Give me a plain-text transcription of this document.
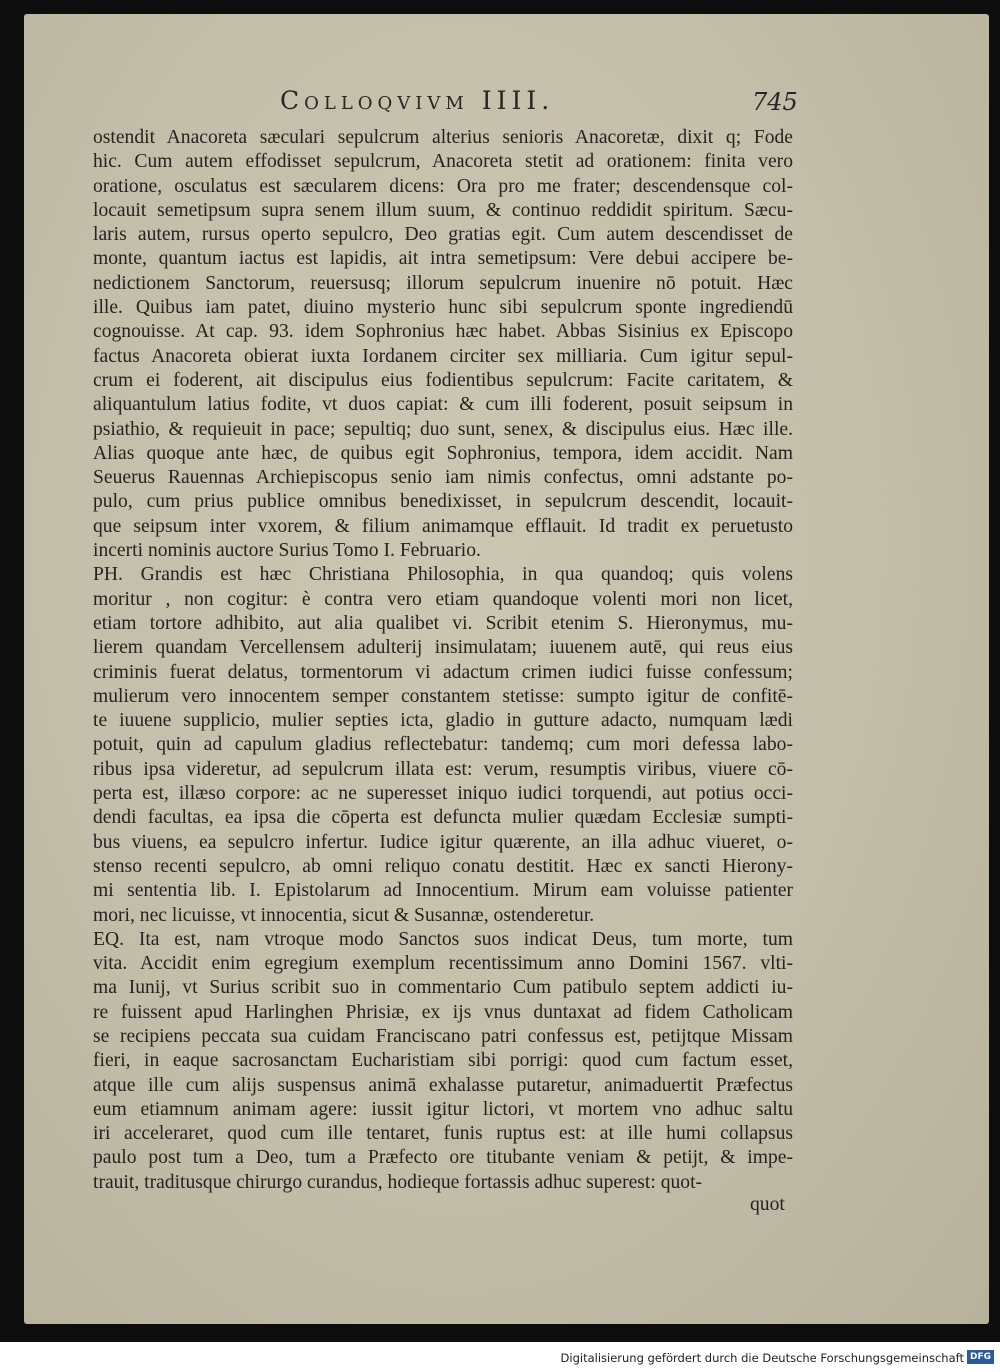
Colloqvivm IIII.	745
ostendit Anacoreta sæculari sepulcrum alterius senioris Anacoretæ, dixit q; Fode
hic. Cum autem effodisset sepulcrum, Anacoreta stetit ad orationem: finita vero
oratione, osculatus est sæcularem dicens: Ora pro me frater; descendensque col-
locauit semetipsum supra senem illum suum, & continuo reddidit spiritum. Sæcu-
laris autem, rursus operto sepulcro, Deo gratias egit. Cum autem descendisset de
monte, quantum iactus est lapidis, ait intra semetipsum: Vere debui accipere be-
nedictionem Sanctorum, reuersusq; illorum sepulcrum inuenire nō potuit. Hæc
ille. Quibus iam patet, diuino mysterio hunc sibi sepulcrum sponte ingrediendū
cognouisse. At cap. 93. idem Sophronius hæc habet. Abbas Sisinius ex Episcopo
factus Anacoreta obierat iuxta Iordanem circiter sex milliaria. Cum igitur sepul-
crum ei foderent, ait discipulus eius fodientibus sepulcrum: Facite caritatem, &
aliquantulum latius fodite, vt duos capiat: & cum illi foderent, posuit seipsum in
psiathio, & requieuit in pace; sepultiq; duo sunt, senex, & discipulus eius. Hæc ille.
Alias quoque ante hæc, de quibus egit Sophronius, tempora, idem accidit. Nam
Seuerus Rauennas Archiepiscopus senio iam nimis confectus, omni adstante po-
pulo, cum prius publice omnibus benedixisset, in sepulcrum descendit, locauit-
que seipsum inter vxorem, & filium animamque efflauit. Id tradit ex peruetusto
incerti nominis auctore Surius Tomo I. Februario.
PH. Grandis est hæc Christiana Philosophia, in qua quandoq; quis volens
moritur , non cogitur: è contra vero etiam quandoque volenti mori non licet,
etiam tortore adhibito, aut alia qualibet vi. Scribit etenim S. Hieronymus, mu-
lierem quandam Vercellensem adulterij insimulatam; iuuenem autē, qui reus eius
criminis fuerat delatus, tormentorum vi adactum crimen iudici fuisse confessum;
mulierum vero innocentem semper constantem stetisse: sumpto igitur de confitē-
te iuuene supplicio, mulier septies icta, gladio in gutture adacto, numquam lædi
potuit, quin ad capulum gladius reflectebatur: tandemq; cum mori defessa labo-
ribus ipsa videretur, ad sepulcrum illata est: verum, resumptis viribus, viuere cō-
perta est, illæso corpore: ac ne superesset iniquo iudici torquendi, aut potius occi-
dendi facultas, ea ipsa die cōperta est defuncta mulier quædam Ecclesiæ sumpti-
bus viuens, ea sepulcro infertur. Iudice igitur quærente, an illa adhuc viueret, o-
stenso recenti sepulcro, ab omni reliquo conatu destitit. Hæc ex sancti Hierony-
mi sententia lib. I. Epistolarum ad Innocentium. Mirum eam voluisse patienter
mori, nec licuisse, vt innocentia, sicut & Susannæ, ostenderetur.
EQ. Ita est, nam vtroque modo Sanctos suos indicat Deus, tum morte, tum
vita. Accidit enim egregium exemplum recentissimum anno Domini 1567. vlti-
ma Iunij, vt Surius scribit suo in commentario Cum patibulo septem addicti iu-
re fuissent apud Harlinghen Phrisiæ, ex ijs vnus duntaxat ad fidem Catholicam
se recipiens peccata sua cuidam Franciscano patri confessus est, petijtque Missam
fieri, in eaque sacrosanctam Eucharistiam sibi porrigi: quod cum factum esset,
atque ille cum alijs suspensus animā exhalasse putaretur, animaduertit Præfectus
eum etiamnum animam agere: iussit igitur lictori, vt mortem vno adhuc saltu
iri acceleraret, quod cum ille tentaret, funis ruptus est: at ille humi collapsus
paulo post tum a Deo, tum a Præfecto ore titubante veniam & petijt, & impe-
trauit, traditusque chirurgo curandus, hodieque fortassis adhuc superest: quot-
quot
Digitalisierung gefördert durch die Deutsche Forschungsgemeinschaft DFG
